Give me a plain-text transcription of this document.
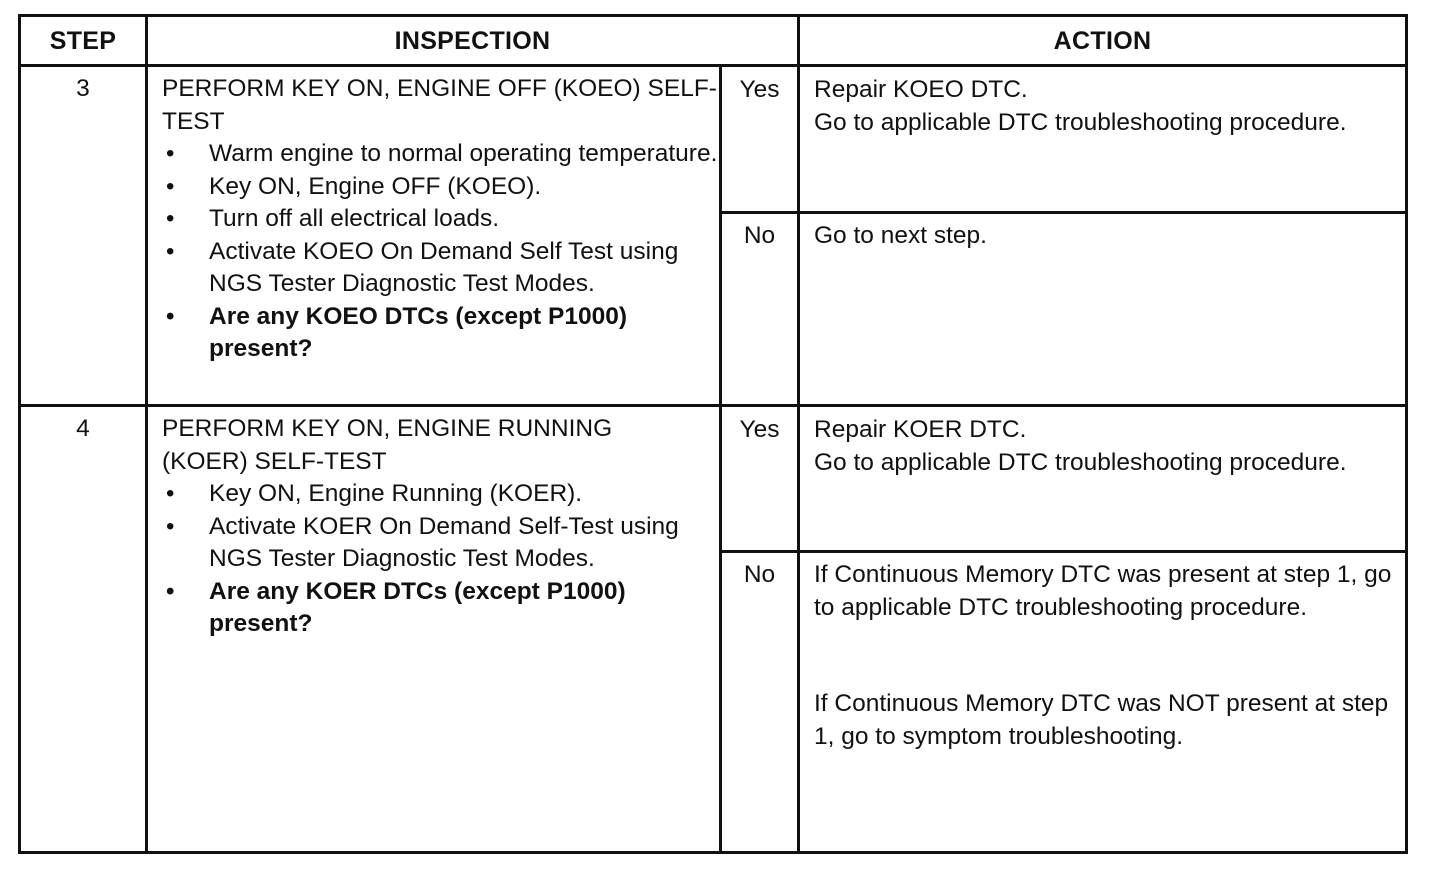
STEP	INSPECTION	ACTION
3	PERFORM KEY ON, ENGINE OFF (KOEO) SELF-TEST
• Warm engine to normal operating temperature.
• Key ON, Engine OFF (KOEO).
• Turn off all electrical loads.
• Activate KOEO On Demand Self Test using NGS Tester Diagnostic Test Modes.
• Are any KOEO DTCs (except P1000) present?
Yes	Repair KOEO DTC.

Go to applicable DTC troubleshooting procedure.

No	Go to next step.

4	PERFORM KEY ON, ENGINE RUNNING (KOER) SELF-TEST
• Key ON, Engine Running (KOER).
• Activate KOER On Demand Self-Test using NGS Tester Diagnostic Test Modes.
• Are any KOER DTCs (except P1000) present?
Yes	Repair KOER DTC.

Go to applicable DTC troubleshooting procedure.

No	If Continuous Memory DTC was present at step 1, go to applicable DTC troubleshooting procedure.

If Continuous Memory DTC was NOT present at step 1, go to symptom troubleshooting.
